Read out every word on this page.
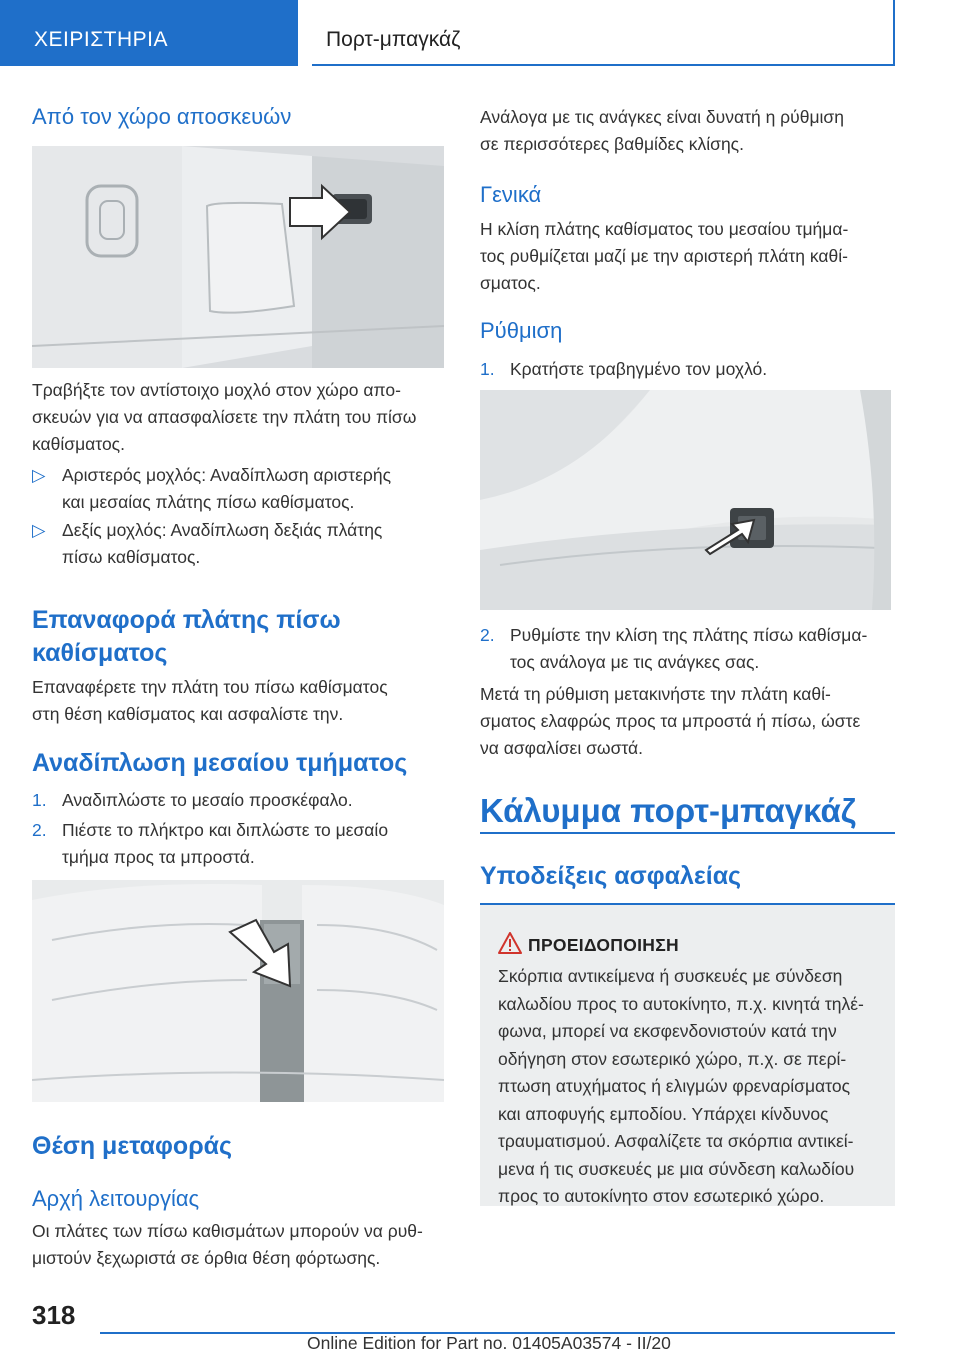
ΧΕΙΡΙΣΤΗΡΙΑ	Πορτ-μπαγκάζ
Από τον χώρο αποσκευών
Τραβήξτε τον αντίστοιχο μοχλό στον χώρο απο-
σκευών για να απασφαλίσετε την πλάτη του πίσω
καθίσματος.
▷ Αριστερός μοχλός: Αναδίπλωση αριστερής
και μεσαίας πλάτης πίσω καθίσματος.
▷ Δεξίς μοχλός: Αναδίπλωση δεξιάς πλάτης
πίσω καθίσματος.
Επαναφορά πλάτης πίσω
καθίσματος
Επαναφέρετε την πλάτη του πίσω καθίσματος
στη θέση καθίσματος και ασφαλίστε την.
Αναδίπλωση μεσαίου τμήματος
1. Αναδιπλώστε το μεσαίο προσκέφαλο.
2. Πιέστε το πλήκτρο και διπλώστε το μεσαίο
τμήμα προς τα μπροστά.
Θέση μεταφοράς
Αρχή λειτουργίας
Οι πλάτες των πίσω καθισμάτων μπορούν να ρυθ-
μιστούν ξεχωριστά σε όρθια θέση φόρτωσης.
Ανάλογα με τις ανάγκες είναι δυνατή η ρύθμιση
σε περισσότερες βαθμίδες κλίσης.
Γενικά
Η κλίση πλάτης καθίσματος του μεσαίου τμήμα-
τος ρυθμίζεται μαζί με την αριστερή πλάτη καθί-
σματος.
Ρύθμιση
1. Κρατήστε τραβηγμένο τον μοχλό.
2. Ρυθμίστε την κλίση της πλάτης πίσω καθίσμα-
τος ανάλογα με τις ανάγκες σας.
Μετά τη ρύθμιση μετακινήστε την πλάτη καθί-
σματος ελαφρώς προς τα μπροστά ή πίσω, ώστε
να ασφαλίσει σωστά.
Κάλυμμα πορτ-μπαγκάζ
Υποδείξεις ασφαλείας
ΠΡΟΕΙΔΟΠΟΙΗΣΗ
Σκόρπια αντικείμενα ή συσκευές με σύνδεση
καλωδίου προς το αυτοκίνητο, π.χ. κινητά τηλέ-
φωνα, μπορεί να εκσφενδονιστούν κατά την
οδήγηση στον εσωτερικό χώρο, π.χ. σε περί-
πτωση ατυχήματος ή ελιγμών φρεναρίσματος
και αποφυγής εμποδίου. Υπάρχει κίνδυνος
τραυματισμού. Ασφαλίζετε τα σκόρπια αντικεί-
μενα ή τις συσκευές με μια σύνδεση καλωδίου
προς το αυτοκίνητο στον εσωτερικό χώρο.
318
Online Edition for Part no. 01405A03574 - II/20
